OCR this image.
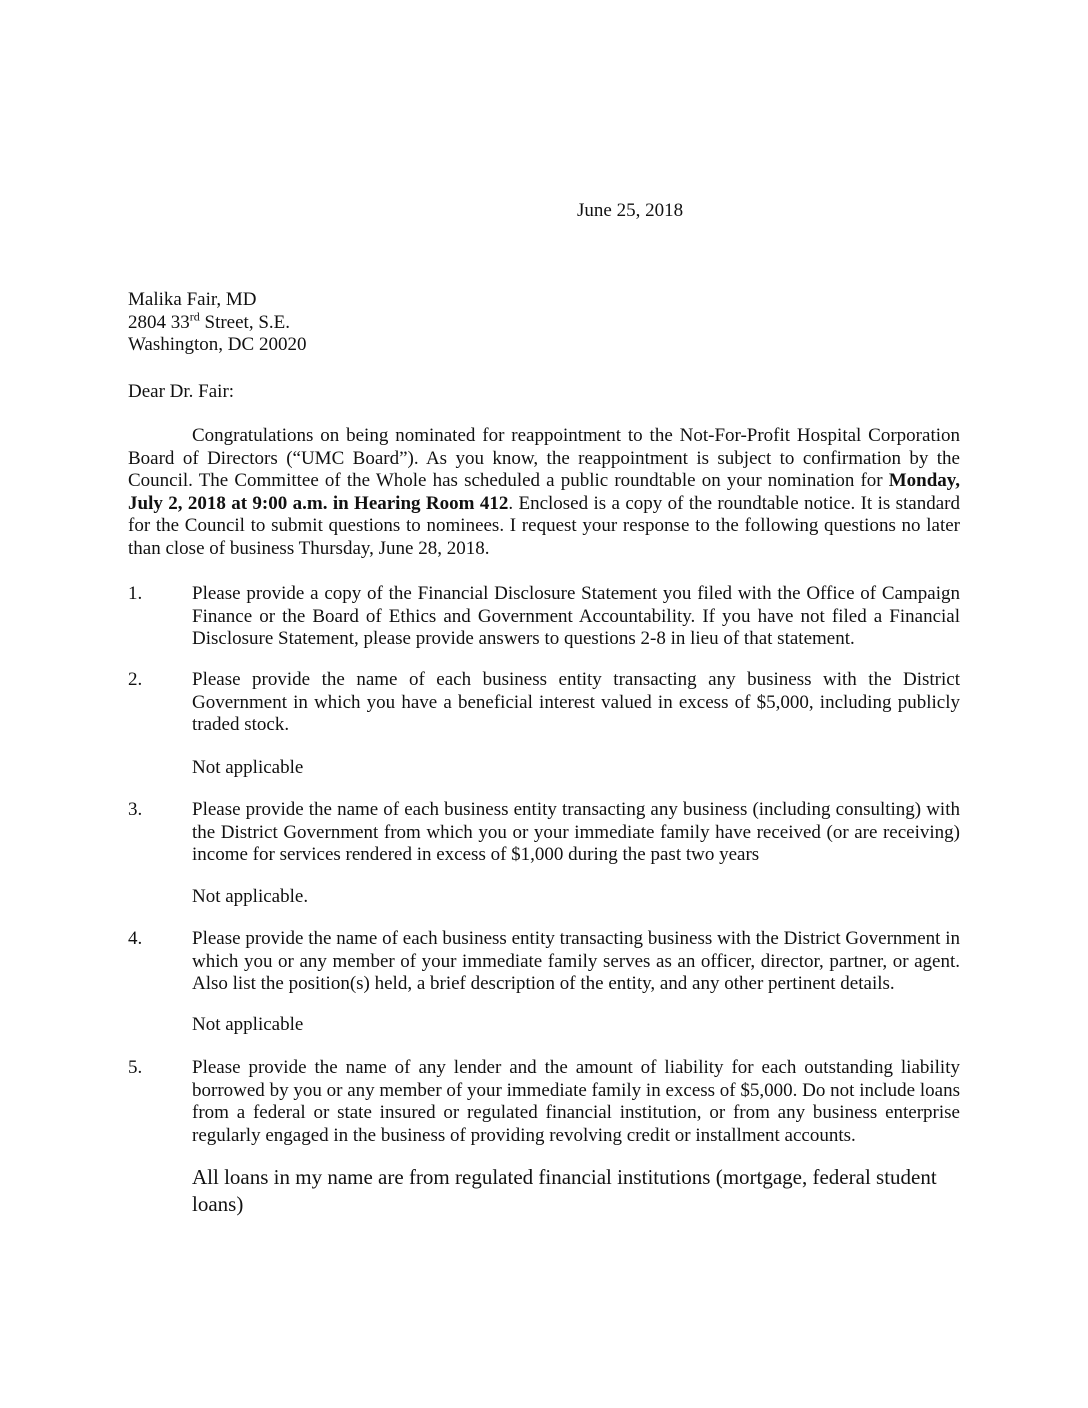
June 25, 2018
Malika Fair, MD
2804 33rd Street, S.E.
Washington, DC 20020
Dear Dr. Fair:

Congratulations on being nominated for reappointment to the Not-For-Profit Hospital Corporation Board of Directors (“UMC Board”). As you know, the reappointment is subject to confirmation by the Council. The Committee of the Whole has scheduled a public roundtable on your nomination for Monday, July 2, 2018 at 9:00 a.m. in Hearing Room 412. Enclosed is a copy of the roundtable notice. It is standard for the Council to submit questions to nominees. I request your response to the following questions no later than close of business Thursday, June 28, 2018.

1.	Please provide a copy of the Financial Disclosure Statement you filed with the Office of Campaign Finance or the Board of Ethics and Government Accountability. If you have not filed a Financial Disclosure Statement, please provide answers to questions 2-8 in lieu of that statement.

2.	Please provide the name of each business entity transacting any business with the District Government in which you have a beneficial interest valued in excess of $5,000, including publicly traded stock.

Not applicable
3.	Please provide the name of each business entity transacting any business (including consulting) with the District Government from which you or your immediate family have received (or are receiving) income for services rendered in excess of $1,000 during the past two years

Not applicable.
4.	Please provide the name of each business entity transacting business with the District Government in which you or any member of your immediate family serves as an officer, director, partner, or agent. Also list the position(s) held, a brief description of the entity, and any other pertinent details.

Not applicable
5.	Please provide the name of any lender and the amount of liability for each outstanding liability borrowed by you or any member of your immediate family in excess of $5,000. Do not include loans from a federal or state insured or regulated financial institution, or from any business enterprise regularly engaged in the business of providing revolving credit or installment accounts.

All loans in my name are from regulated financial institutions (mortgage, federal student loans)
